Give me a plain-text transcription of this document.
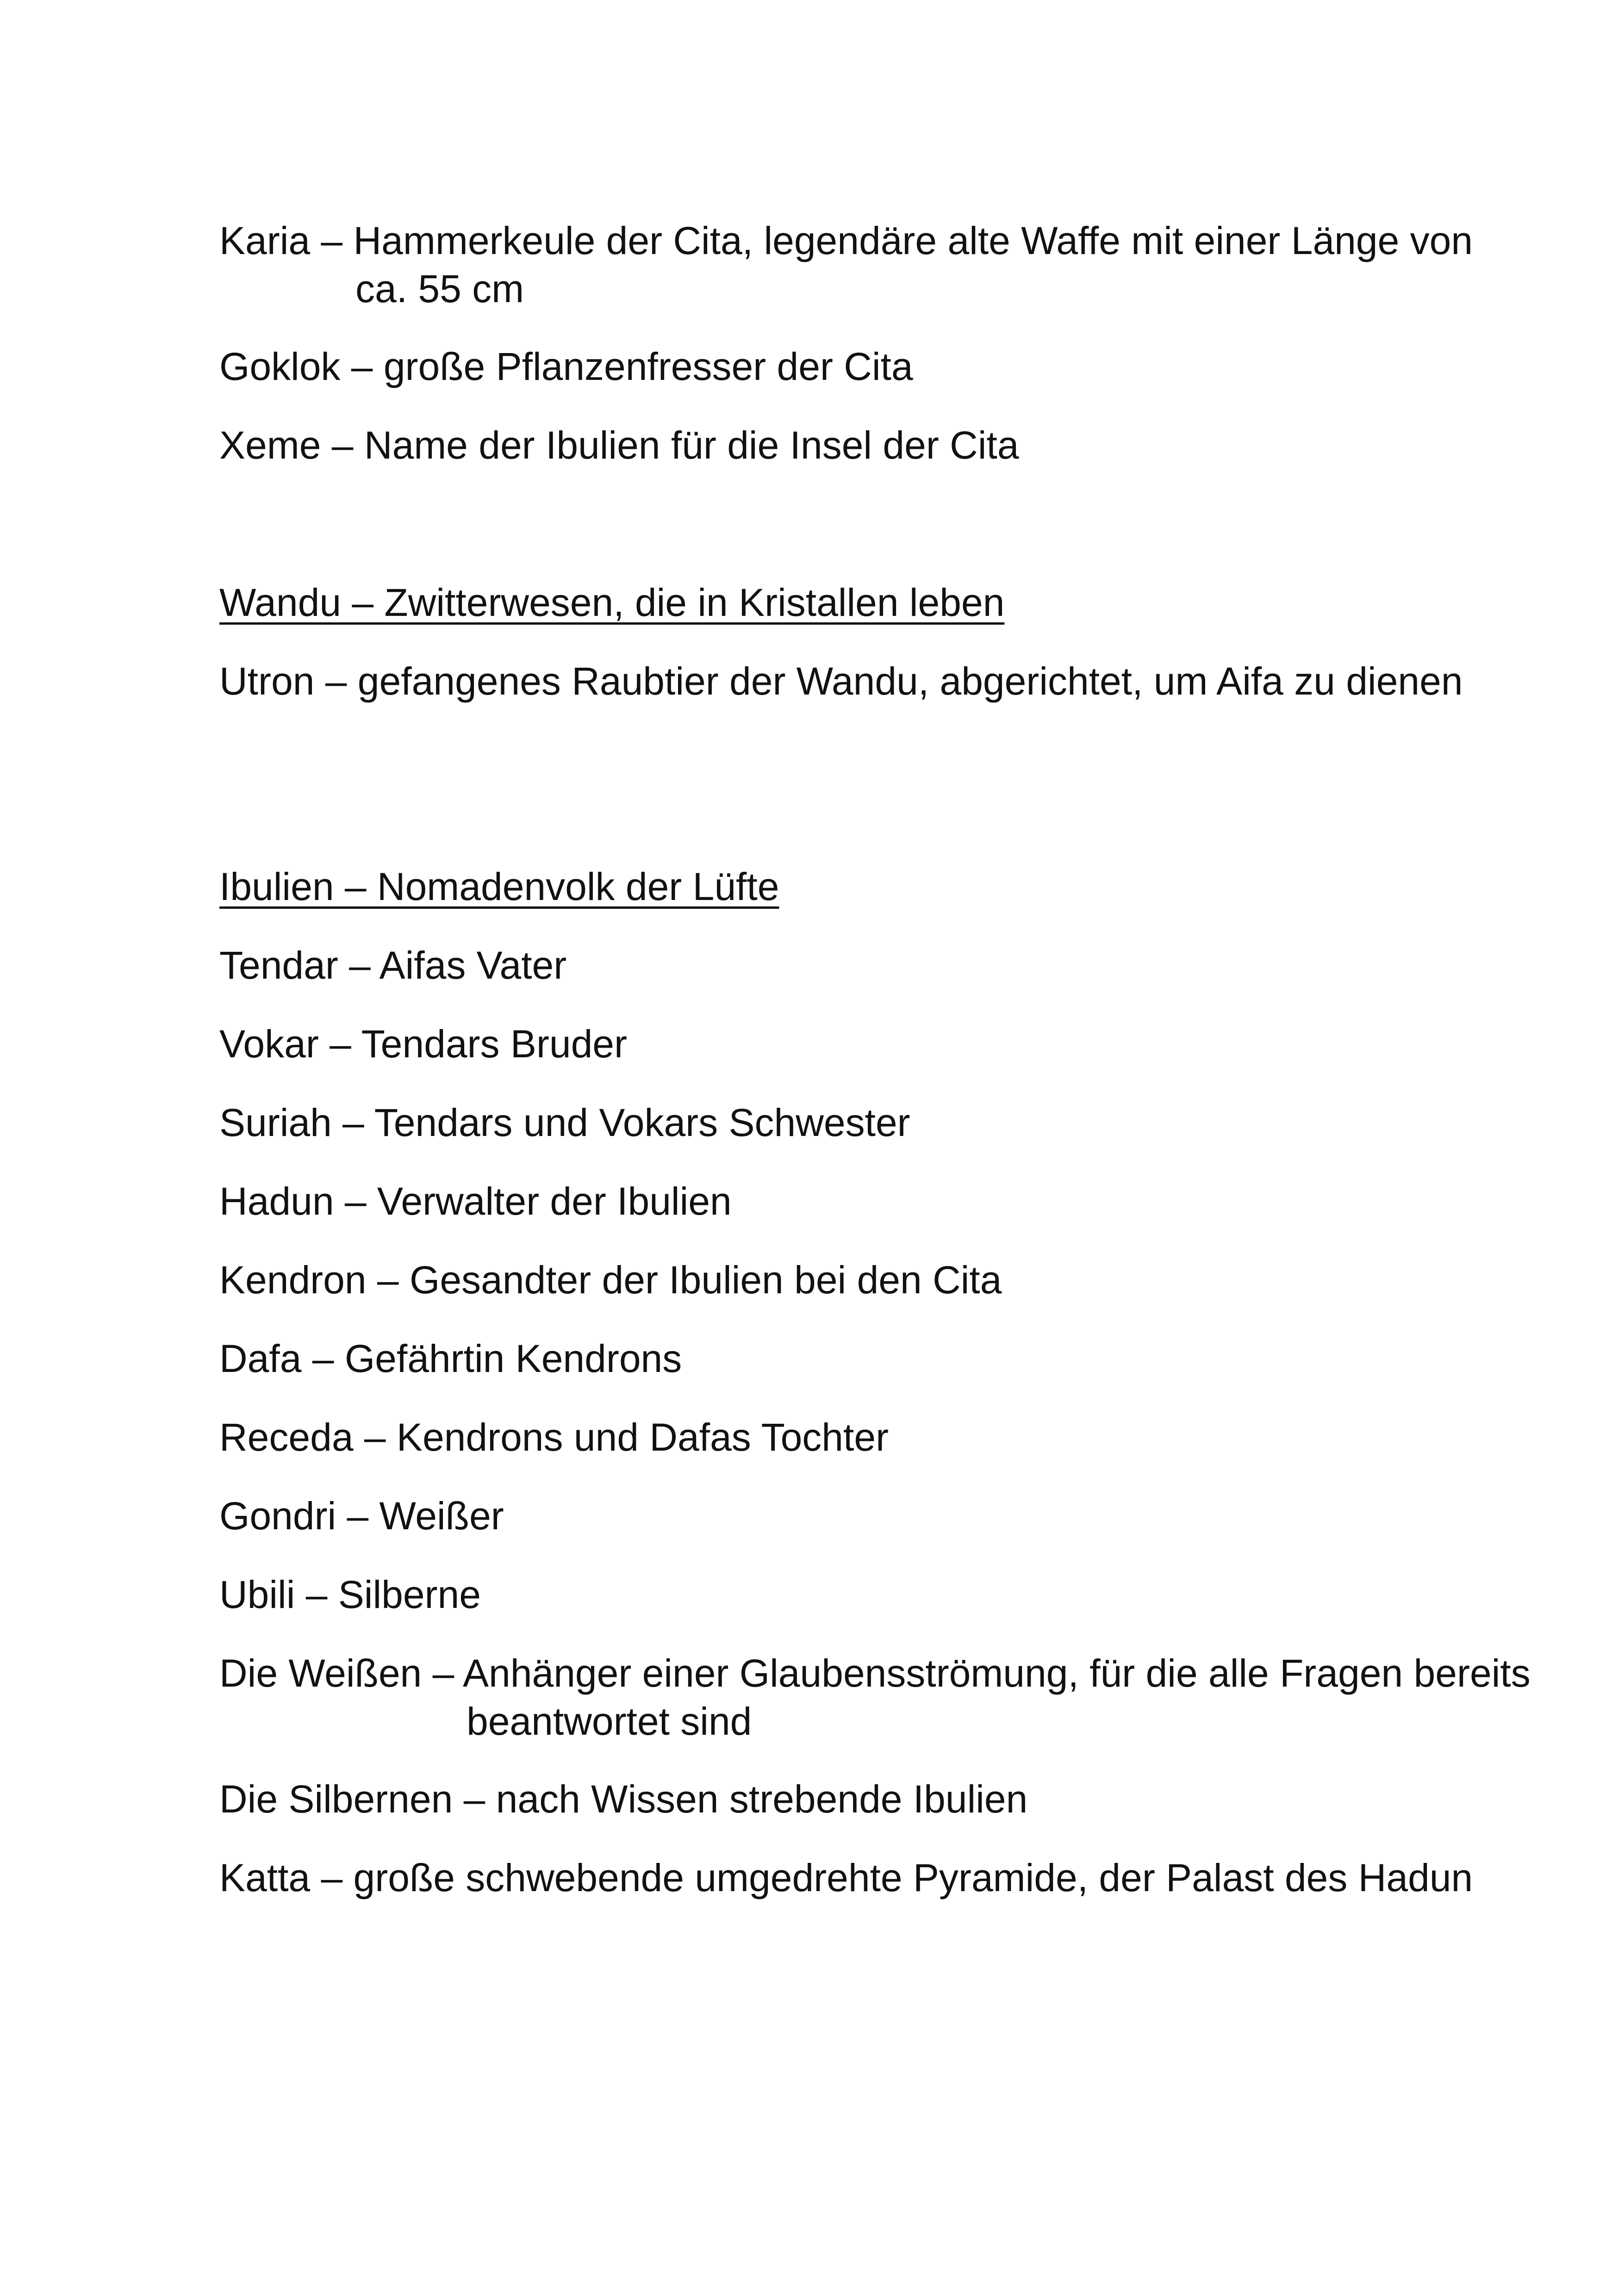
Karia – Hammerkeule der Cita, legendäre alte Waffe mit einer Länge von ca. 55 cm

Goklok – große Pflanzenfresser der Cita

Xeme – Name der Ibulien für die Insel der Cita

Wandu – Zwitterwesen, die in Kristallen leben

Utron – gefangenes Raubtier der Wandu, abgerichtet, um Aifa zu dienen

Ibulien – Nomadenvolk der Lüfte

Tendar – Aifas Vater

Vokar – Tendars Bruder

Suriah – Tendars und Vokars Schwester

Hadun – Verwalter der Ibulien

Kendron – Gesandter der Ibulien bei den Cita

Dafa – Gefährtin Kendrons

Receda – Kendrons und Dafas Tochter

Gondri – Weißer

Ubili – Silberne

Die Weißen – Anhänger einer Glaubensströmung, für die alle Fragen bereits beantwortet sind

Die Silbernen – nach Wissen strebende Ibulien

Katta – große schwebende umgedrehte Pyramide, der Palast des Hadun
